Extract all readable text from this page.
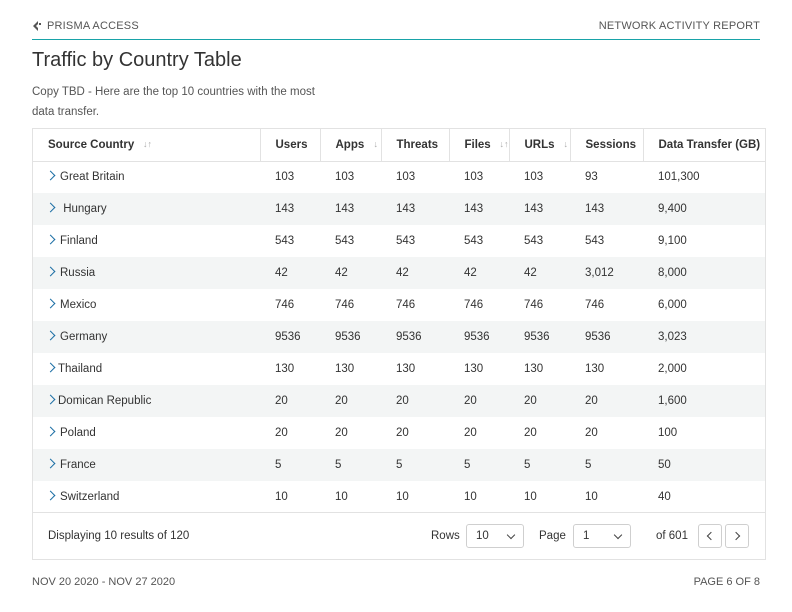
PRISMA ACCESS	NETWORK ACTIVITY REPORT
Traffic by Country Table

Copy TBD - Here are the top 10 countries with the most data transfer.

Source Country ↓↑	Users	Apps ↓	Threats	Files ↓↑	URLs ↓	Sessions	Data Transfer (GB)
Great Britain	103	103	103	103	103	93	101,300
Hungary	143	143	143	143	143	143	9,400
Finland	543	543	543	543	543	543	9,100
Russia	42	42	42	42	42	3,012	8,000
Mexico	746	746	746	746	746	746	6,000
Germany	9536	9536	9536	9536	9536	9536	3,023
Thailand	130	130	130	130	130	130	2,000
Domican Republic	20	20	20	20	20	20	1,600
Poland	20	20	20	20	20	20	100
France	5	5	5	5	5	5	50
Switzerland	10	10	10	10	10	10	40
Displaying 10 results of 120	Rows	10	Page	1	of 601
NOV 20 2020 - NOV 27 2020	PAGE 6 OF 8
